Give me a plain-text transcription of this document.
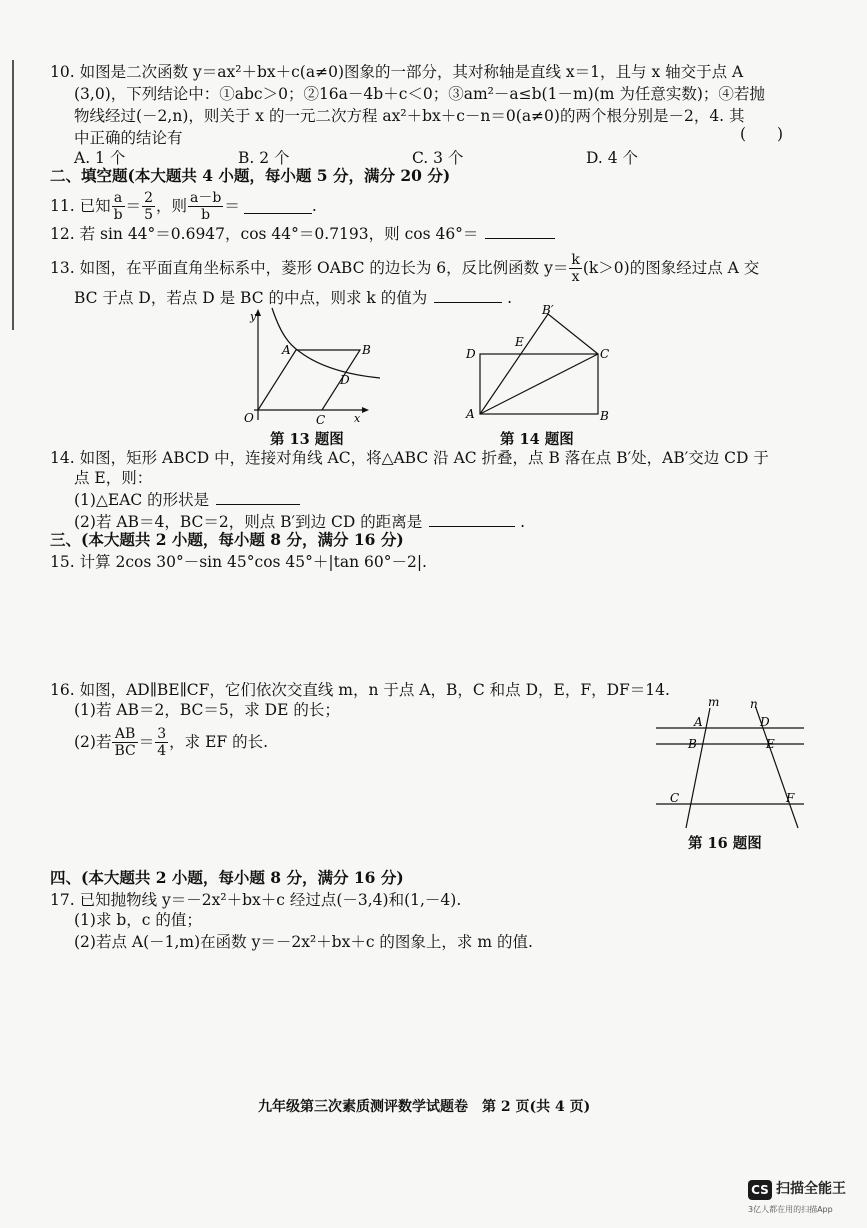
10. 如图是二次函数 y＝ax²＋bx＋c(a≠0)图象的一部分，其对称轴是直线 x＝1，且与 x 轴交于点 A
(3,0)，下列结论中：①abc＞0；②16a－4b＋c＜0；③am²－a≤b(1－m)(m 为任意实数)；④若抛
物线经过(－2,n)，则关于 x 的一元二次方程 ax²＋bx＋c－n＝0(a≠0)的两个根分别是－2，4. 其
中正确的结论有	(　　)
A. 1 个	B. 2 个	C. 3 个	D. 4 个
二、填空题(本大题共 4 小题，每小题 5 分，满分 20 分)
11. 已知 $\frac{a}{b} = \frac{2}{5}$ ，则 $\frac{a-b}{b}$ ＝	.
12. 若 sin 44°＝0.6947，cos 44°＝0.7193，则 cos 46°＝
13. 如图，在平面直角坐标系中，菱形 OABC 的边长为 6，反比例函数 $y= \frac{k}{x} (k>0)$的图象经过点 A 交
BC 于点 D，若点 D 是 BC 的中点，则求 k 的值为	.
y
x
O
A	B
C
D
第 13 题图
D
A	B
C
E
B′
第 14 题图
14. 如图，矩形 ABCD 中，连接对角线 AC，将△ABC 沿 AC 折叠，点 B 落在点 B′处，AB′交边 CD 于
点 E，则：
(1)△EAC 的形状是
(2)若 AB＝4，BC＝2，则点 B′到边 CD 的距离是	.
三、(本大题共 2 小题，每小题 8 分，满分 16 分)
15. 计算 2cos 30°－sin 45°cos 45°＋|tan 60°－2|.
16. 如图，AD∥BE∥CF，它们依次交直线 m，n 于点 A，B，C 和点 D，E，F，DF＝14.
(1)若 AB＝2，BC＝5，求 DE 的长；
(2)若 $\frac{AB}{BC} = \frac{3}{4}$ ，求 EF 的长.
m	n
A
B
C
D
E
F
第 16 题图
四、(本大题共 2 小题，每小题 8 分，满分 16 分)
17. 已知抛物线 y＝－2x²＋bx＋c 经过点(－3,4)和(1,－4).
(1)求 b，c 的值；
(2)若点 A(－1,m)在函数 y＝－2x²＋bx＋c 的图象上，求 m 的值.
九年级第三次素质测评数学试题卷　第 2 页(共 4 页)
CS 扫描全能王
3亿人都在用的扫描App
